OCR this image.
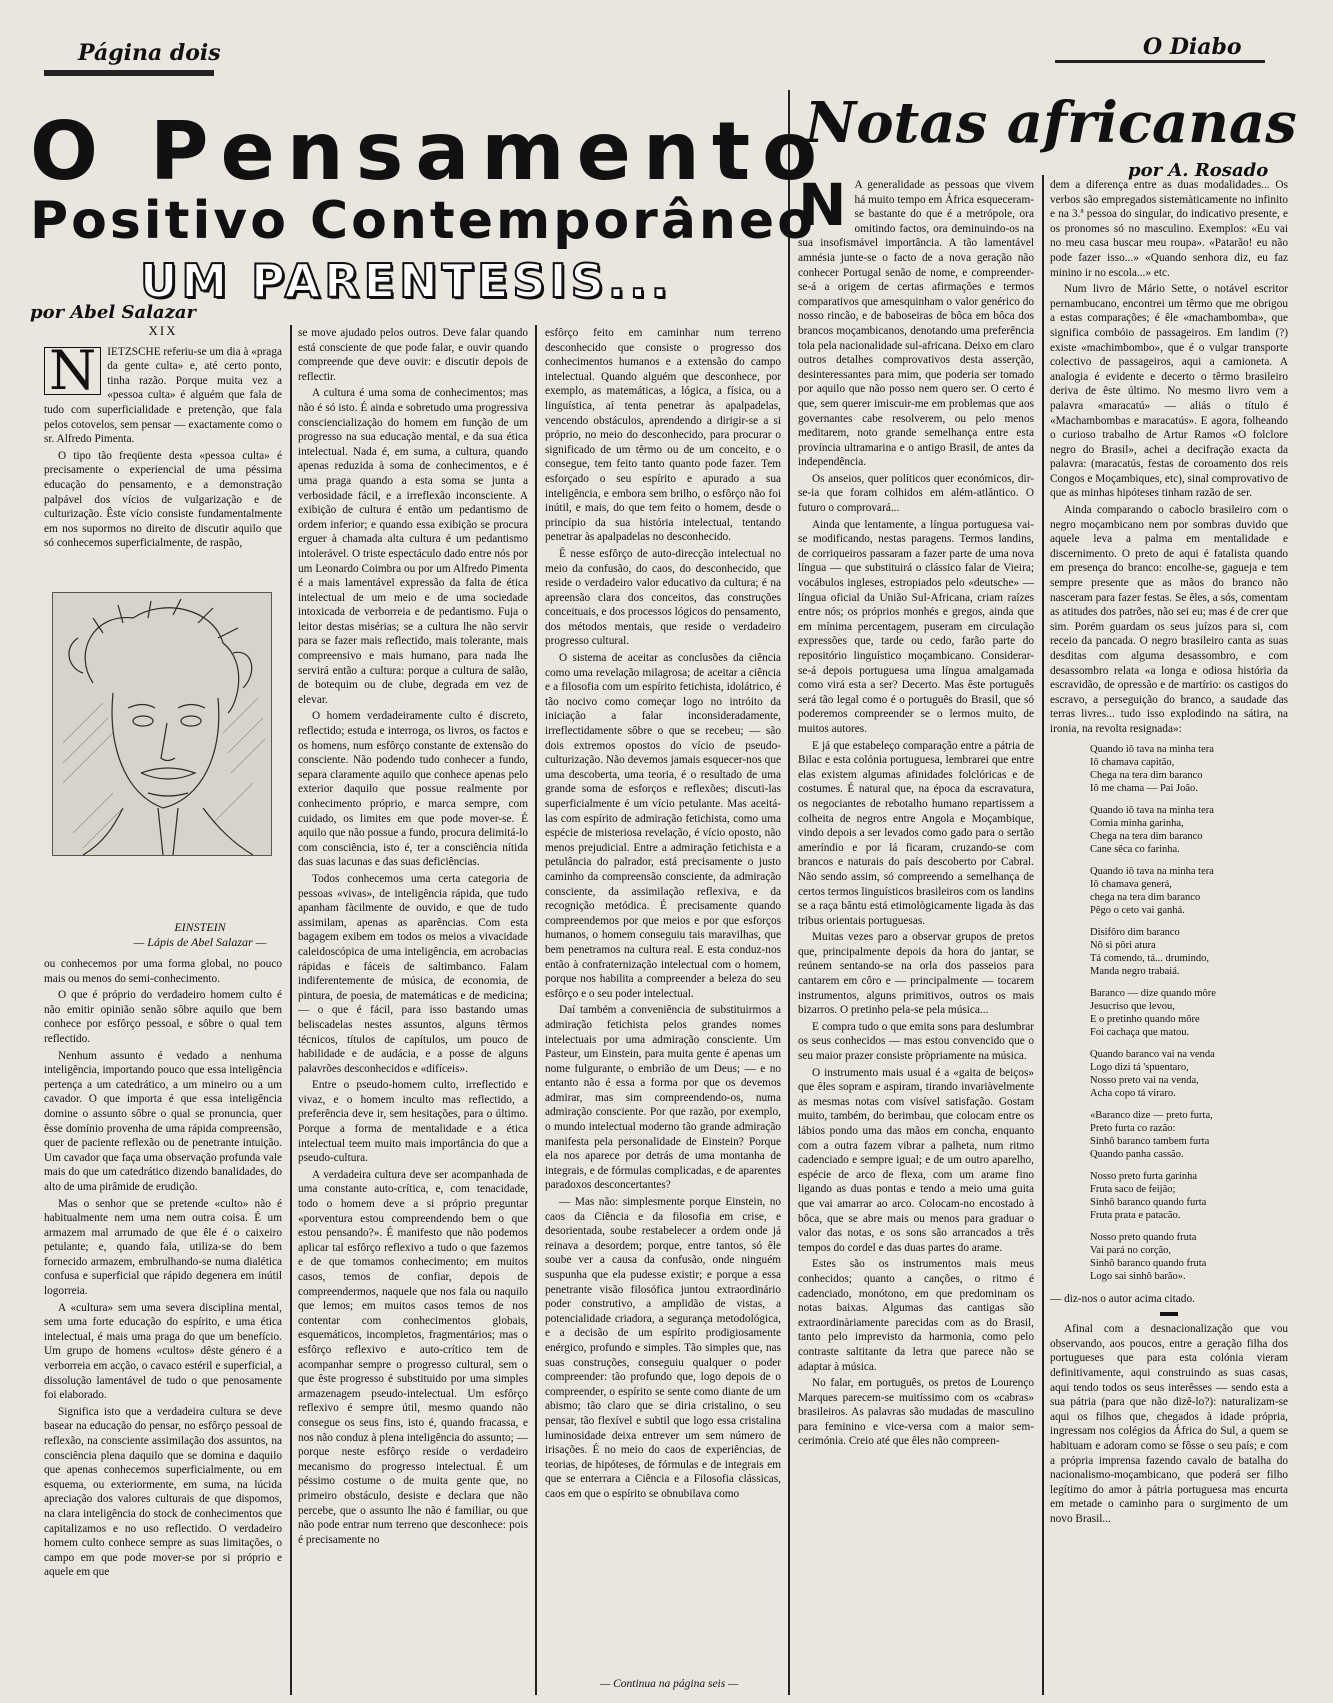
Página dois	O Diabo
O Pensamento
Positivo Contemporâneo
UM PARENTESIS...
por Abel Salazar
Notas africanas
por A. Rosado
XIX
N IETZSCHE referiu-se um dia à «praga da gente culta» e, até certo ponto, tinha razão. Porque muita vez a «pessoa culta» é alguém que fala de tudo com superficialidade e pretenção, que fala pelos cotovelos, sem pensar — exactamente como o sr. Alfredo Pimenta.

O tipo tão freqüente desta «pessoa culta» é precisamente o experiencial de uma péssima educação do pensamento, e a demonstração palpável dos vícios de vulgarização e de culturização. Êste vício consiste fundamentalmente em nos supormos no direito de discutir aquilo que só conhecemos superficialmente, de raspão,

EINSTEIN
— Lápis de Abel Salazar —

ou conhecemos por uma forma global, no pouco mais ou menos do semi-conhecimento.

O que é próprio do verdadeiro homem culto é não emitir opinião senão sôbre aquilo que bem conhece por esfôrço pessoal, e sôbre o qual tem reflectido.

Nenhum assunto é vedado a nenhuma inteligência, importando pouco que essa inteligência pertença a um catedrático, a um mineiro ou a um cavador. O que importa é que essa inteligência domine o assunto sôbre o qual se pronuncia, quer êsse domínio provenha de uma rápida compreensão, quer de paciente reflexão ou de penetrante intuição. Um cavador que faça uma observação profunda vale mais do que um catedrático dizendo banalidades, do alto de uma pirâmide de erudição.

Mas o senhor que se pretende «culto» não é habitualmente nem uma nem outra coisa. É um armazem mal arrumado de que êle é o caixeiro petulante; e, quando fala, utiliza-se do bem fornecido armazem, embrulhando-se numa dialética confusa e superficial que rápido degenera em inútil logorreia.

A «cultura» sem uma severa disciplina mental, sem uma forte educação do espírito, e uma ética intelectual, é mais uma praga do que um benefício. Um grupo de homens «cultos» dêste género é a verborreia em acção, o cavaco estéril e superficial, a dissolução lamentável de tudo o que penosamente foi elaborado.

Significa isto que a verdadeira cultura se deve basear na educação do pensar, no esfôrço pessoal de reflexão, na consciente assimilação dos assuntos, na consciência plena daquilo que se domina e daquilo que apenas conhecemos superficialmente, ou em esquema, ou exteriormente, em suma, na lúcida apreciação dos valores culturais de que dispomos, na clara inteligência do stock de conhecimentos que capitalizamos e no uso reflectido. O verdadeiro homem culto conhece sempre as suas limitações, o campo em que pode mover-se por si próprio e aquele em que

se move ajudado pelos outros. Deve falar quando está consciente de que pode falar, e ouvir quando compreende que deve ouvir: e discutir depois de reflectir.

A cultura é uma soma de conhecimentos; mas não é só isto. É ainda e sobretudo uma progressiva consciencialização do homem em função de um progresso na sua educação mental, e da sua ética intelectual. Nada é, em suma, a cultura, quando apenas reduzida à soma de conhecimentos, e é uma praga quando a esta soma se junta a verbosidade fácil, e a irreflexão inconsciente. A exibição de cultura é então um pedantismo de ordem inferior; e quando essa exibição se procura erguer à chamada alta cultura é um pedantismo intolerável. O triste espectáculo dado entre nós por um Leonardo Coimbra ou por um Alfredo Pimenta é a mais lamentável expressão da falta de ética intelectual de um meio e de uma sociedade intoxicada de verborreia e de pedantismo. Fuja o leitor destas misérias; se a cultura lhe não servir para se fazer mais reflectido, mais tolerante, mais compreensivo e mais humano, para nada lhe servirá então a cultura: porque a cultura de salão, de botequim ou de clube, degrada em vez de elevar.

O homem verdadeiramente culto é discreto, reflectido; estuda e interroga, os livros, os factos e os homens, num esfôrço constante de extensão do consciente. Não podendo tudo conhecer a fundo, separa claramente aquilo que conhece apenas pelo exterior daquilo que possue realmente por conhecimento próprio, e marca sempre, com cuidado, os limites em que pode mover-se. É aquilo que não possue a fundo, procura delimitá-lo com consciência, isto é, ter a consciência nítida das suas lacunas e das suas deficiências.

Todos conhecemos uma certa categoria de pessoas «vivas», de inteligência rápida, que tudo apanham fàcilmente de ouvido, e que de tudo assimilam, apenas as aparências. Com esta bagagem exibem em todos os meios a vivacidade caleidoscópica de uma inteligência, em acrobacias rápidas e fáceis de saltimbanco. Falam indiferentemente de música, de economia, de pintura, de poesia, de matemáticas e de medicina; — o que é fácil, para isso bastando umas beliscadelas nestes assuntos, alguns têrmos técnicos, títulos de capítulos, um pouco de habilidade e de audácia, e a posse de alguns palavrões desconhecidos e «difíceis».

Entre o pseudo-homem culto, irreflectido e vivaz, e o homem inculto mas reflectido, a preferência deve ir, sem hesitações, para o último. Porque a forma de mentalidade e a ética intelectual teem muito mais importância do que a pseudo-cultura.

A verdadeira cultura deve ser acompanhada de uma constante auto-crítica, e, com tenacidade, todo o homem deve a si próprio preguntar «porventura estou compreendendo bem o que estou pensando?». É manifesto que não podemos aplicar tal esfôrço reflexivo a tudo o que fazemos e de que tomamos conhecimento; em muitos casos, temos de confiar, depois de compreendermos, naquele que nos fala ou naquilo que lemos; em muitos casos temos de nos contentar com conhecimentos globais, esquemáticos, incompletos, fragmentários; mas o esfôrço reflexivo e auto-crítico tem de acompanhar sempre o progresso cultural, sem o que êste progresso é substituido por uma simples armazenagem pseudo-intelectual. Um esfôrço reflexivo é sempre útil, mesmo quando não consegue os seus fins, isto é, quando fracassa, e nos não conduz à plena inteligência do assunto; — porque neste esfôrço reside o verdadeiro mecanismo do progresso intelectual. É um péssimo costume o de muita gente que, no primeiro obstáculo, desiste e declara que não percebe, que o assunto lhe não é familiar, ou que não pode entrar num terreno que desconhece: pois é precisamente no

esfôrço feito em caminhar num terreno desconhecido que consiste o progresso dos conhecimentos humanos e a extensão do campo intelectual. Quando alguém que desconhece, por exemplo, as matemáticas, a lógica, a física, ou a linguística, aí tenta penetrar às apalpadelas, vencendo obstáculos, aprendendo a dirigir-se a si próprio, no meio do desconhecido, para procurar o significado de um têrmo ou de um conceito, e o consegue, tem feito tanto quanto pode fazer. Tem esforçado o seu espírito e apurado a sua inteligência, e embora sem brilho, o esfôrço não foi inútil, e mais, do que tem feito o homem, desde o princípio da sua história intelectual, tentando penetrar às apalpadelas no desconhecido.

É nesse esfôrço de auto-direcção intelectual no meio da confusão, do caos, do desconhecido, que reside o verdadeiro valor educativo da cultura; é na apreensão clara dos conceitos, das construções conceituais, e dos processos lógicos do pensamento, dos métodos mentais, que reside o verdadeiro progresso cultural.

O sistema de aceitar as conclusões da ciência como uma revelação milagrosa; de aceitar a ciência e a filosofia com um espírito fetichista, idolátrico, é tão nocivo como começar logo no intróito da iniciação a falar inconsideradamente, irreflectidamente sôbre o que se recebeu; — são dois extremos opostos do vício de pseudo-culturização. Não devemos jamais esquecer-nos que uma descoberta, uma teoria, é o resultado de uma grande soma de esforços e reflexões; discuti-las superficialmente é um vício petulante. Mas aceitá-las com espírito de admiração fetichista, como uma espécie de misteriosa revelação, é vício oposto, não menos prejudicial. Entre a admiração fetichista e a petulância do palrador, está precisamente o justo caminho da compreensão consciente, da admiração consciente, da assimilação reflexiva, e da recognição metódica. É precisamente quando compreendemos por que meios e por que esforços humanos, o homem conseguiu tais maravilhas, que bem penetramos na cultura real. E esta conduz-nos então à confraternização intelectual com o homem, porque nos habilita a compreender a beleza do seu esfôrço e o seu poder intelectual.

Daí também a conveniência de substituirmos a admiração fetichista pelos grandes nomes intelectuais por uma admiração consciente. Um Pasteur, um Einstein, para muita gente é apenas um nome fulgurante, o embrião de um Deus; — e no entanto não é essa a forma por que os devemos admirar, mas sim compreendendo-os, numa admiração consciente. Por que razão, por exemplo, o mundo intelectual moderno tão grande admiração manifesta pela personalidade de Einstein? Porque ela nos aparece por detrás de uma montanha de integrais, e de fórmulas complicadas, e de aparentes paradoxos desconcertantes?

— Mas não: simplesmente porque Einstein, no caos da Ciência e da filosofia em crise, e desorientada, soube restabelecer a ordem onde já reinava a desordem; porque, entre tantos, só êle soube ver a causa da confusão, onde ninguém suspunha que ela pudesse existir; e porque a essa penetrante visão filosófica juntou extraordinário poder construtivo, a amplidão de vistas, a potencialidade criadora, a segurança metodológica, e a decisão de um espírito prodigiosamente enérgico, profundo e simples. Tão simples que, nas suas construções, conseguiu qualquer o poder compreender: tão profundo que, logo depois de o compreender, o espírito se sente como diante de um abismo; tão claro que se diria cristalino, o seu pensar, tão flexível e subtil que logo essa cristalina luminosidade deixa entrever um sem número de irisações. É no meio do caos de experiências, de teorias, de hipóteses, de fórmulas e de integrais em que se enterrara a Ciência e a Filosofia clássicas, caos em que o espírito se obnubilava como

— Continua na página seis —
N A generalidade as pessoas que vivem há muito tempo em África esqueceram-se bastante do que é a metrópole, ora omitindo factos, ora deminuindo-os na sua insofismável importância. A tão lamentável amnésia junte-se o facto de a nova geração não conhecer Portugal senão de nome, e compreender-se-á a origem de certas afirmações e termos comparativos que amesquinham o valor genérico do nosso rincão, e de baboseiras de bôca em bôca dos brancos moçambicanos, denotando uma preferência tola pela nacionalidade sul-africana. Deixo em claro outros detalhes comprovativos desta asserção, desinteressantes para mim, que poderia ser tomado por aquilo que não posso nem quero ser. O certo é que, sem querer imiscuir-me em problemas que aos governantes cabe resolverem, ou pelo menos meditarem, noto grande semelhança entre esta província ultramarina e o antigo Brasil, de antes da independência.

Os anseios, quer políticos quer económicos, dir-se-ia que foram colhidos em além-atlântico. O futuro o comprovará...

Ainda que lentamente, a língua portuguesa vai-se modificando, nestas paragens. Termos landins, de corriqueiros passaram a fazer parte de uma nova língua — que substituirá o clássico falar de Vieira; vocábulos ingleses, estropiados pelo «deutsche» — língua oficial da União Sul-Africana, criam raízes entre nós; os próprios monhés e gregos, ainda que em mínima percentagem, puseram em circulação expressões que, tarde ou cedo, farão parte do repositório linguístico moçambicano. Considerar-se-á depois portuguesa uma língua amalgamada como virá esta a ser? Decerto. Mas êste português será tão legal como é o português do Brasil, que só poderemos compreender se o lermos muito, de muitos autores.

E já que estabeleço comparação entre a pátria de Bilac e esta colónia portuguesa, lembrarei que entre elas existem algumas afinidades folclóricas e de costumes. É natural que, na época da escravatura, os negociantes de rebotalho humano repartissem a colheita de negros entre Angola e Moçambique, vindo depois a ser levados como gado para o sertão ameríndio e por lá ficaram, cruzando-se com brancos e naturais do país descoberto por Cabral. Não sendo assim, só compreendo a semelhança de certos termos linguísticos brasileiros com os landins se a raça bântu está etimològicamente ligada às das tribus orientais portuguesas.

Muitas vezes paro a observar grupos de pretos que, principalmente depois da hora do jantar, se reúnem sentando-se na orla dos passeios para cantarem em côro e — principalmente — tocarem instrumentos, alguns primitivos, outros os mais bizarros. O pretinho pela-se pela música...

E compra tudo o que emita sons para deslumbrar os seus conhecidos — mas estou convencido que o seu maior prazer consiste pròpriamente na música.

O instrumento mais usual é a «gaita de beiços» que êles sopram e aspiram, tirando invariàvelmente as mesmas notas com visível satisfação. Gostam muito, também, do berimbau, que colocam entre os lábios pondo uma das mãos em concha, enquanto com a outra fazem vibrar a palheta, num ritmo cadenciado e sempre igual; e de um outro aparelho, espécie de arco de flexa, com um arame fino ligando as duas pontas e tendo a meio uma guita que vai amarrar ao arco. Colocam-no encostado à bôca, que se abre mais ou menos para graduar o valor das notas, e os sons são arrancados a três tempos do cordel e das duas partes do arame.

Estes são os instrumentos mais meus conhecidos; quanto a canções, o ritmo é cadenciado, monótono, em que predominam os notas baixas. Algumas das cantigas são extraordinàriamente parecidas com as do Brasil, tanto pelo imprevisto da harmonia, como pelo contraste saltitante da letra que parece não se adaptar à música.

No falar, em português, os pretos de Lourenço Marques parecem-se muitíssimo com os «cabras» brasileiros. As palavras são mudadas de masculino para feminino e vice-versa com a maior sem-cerimónia. Creio até que êles não compreen-

dem a diferença entre as duas modalidades... Os verbos são empregados sistemàticamente no infinito e na 3.ª pessoa do singular, do indicativo presente, e os pronomes só no masculino. Exemplos: «Eu vai no meu casa buscar meu roupa». «Patarão! eu não pode fazer isso...» «Quando senhora diz, eu faz minino ir no escola...» etc.

Num livro de Mário Sette, o notável escritor pernambucano, encontrei um têrmo que me obrigou a estas comparações; é êle «machambomba», que significa combóio de passageiros. Em landim (?) existe «machimbombo», que é o vulgar transporte colectivo de passageiros, aqui a camioneta. A analogia é evidente e decerto o têrmo brasileiro deriva de êste último. No mesmo livro vem a palavra «maracatú» — aliás o título é «Machambombas e maracatús». E agora, folheando o curioso trabalho de Artur Ramos «O folclore negro do Brasil», achei a decifração exacta da palavra: (maracatús, festas de coroamento dos reis Congos e Moçambiques, etc), sinal comprovativo de que as minhas hipóteses tinham razão de ser.

Ainda comparando o caboclo brasileiro com o negro moçambicano nem por sombras duvido que aquele leva a palma em mentalidade e discernimento. O preto de aqui é fatalista quando em presença do branco: encolhe-se, gagueja e tem sempre presente que as mãos do branco não nasceram para fazer festas. Se êles, a sós, comentam as atitudes dos patrões, não sei eu; mas é de crer que sim. Porém guardam os seus juízos para si, com receio da pancada. O negro brasileiro canta as suas desditas com alguma desassombro, e com desassombro relata «a longa e odiosa história da escravidão, de opressão e de martírio: os castigos do escravo, a perseguição do branco, a saudade das terras livres... tudo isso explodindo na sátira, na ironia, na revolta resignada»:

Quando iô tava na minha tera
Iô chamava capitão,
Chega na tera dim baranco
Iô me chama — Pai João.
Quando iô tava na minha tera
Comia minha garinha,
Chega na tera dim baranco
Cane sêca co farinha.
Quando iô tava na minha tera
Iô chamava generá,
chega na tera dim baranco
Pêgo o ceto vai ganhá.
Disifôro dim baranco
Nô si pôri atura
Tá comendo, tá... drumindo,
Manda negro trabaiá.
Baranco — dize quando môre
Jesucriso que levou,
E o pretinho quando môre
Foi cachaça que matou.
Quando baranco vai na venda
Logo dizi tá 'spuentaro,
Nosso preto vai na venda,
Acha copo tá viraro.
«Baranco dize — preto furta,
Preto furta co razão:
Sinhô baranco tambem furta
Quando panha cassão.
Nosso preto furta garinha
Fruta saco de feijão;
Sinhô baranco quando furta
Fruta prata e patacão.
Nosso preto quando fruta
Vai pará no corção,
Sinhô baranco quando fruta
Logo sai sinhô barão».

— diz-nos o autor acima citado.

Afinal com a desnacionalização que vou observando, aos poucos, entre a geração filha dos portugueses que para esta colónia vieram definitivamente, aqui construindo as suas casas, aqui tendo todos os seus interêsses — sendo esta a sua pátria (para que não dizê-lo?): naturalizam-se aqui os filhos que, chegados à idade própria, ingressam nos colégios da África do Sul, a quem se habituam e adoram como se fôsse o seu país; e com a própria imprensa fazendo cavalo de batalha do nacionalismo-moçambicano, que poderá ser filho legítimo do amor à pátria portuguesa mas encurta em metade o caminho para o surgimento de um novo Brasil...
